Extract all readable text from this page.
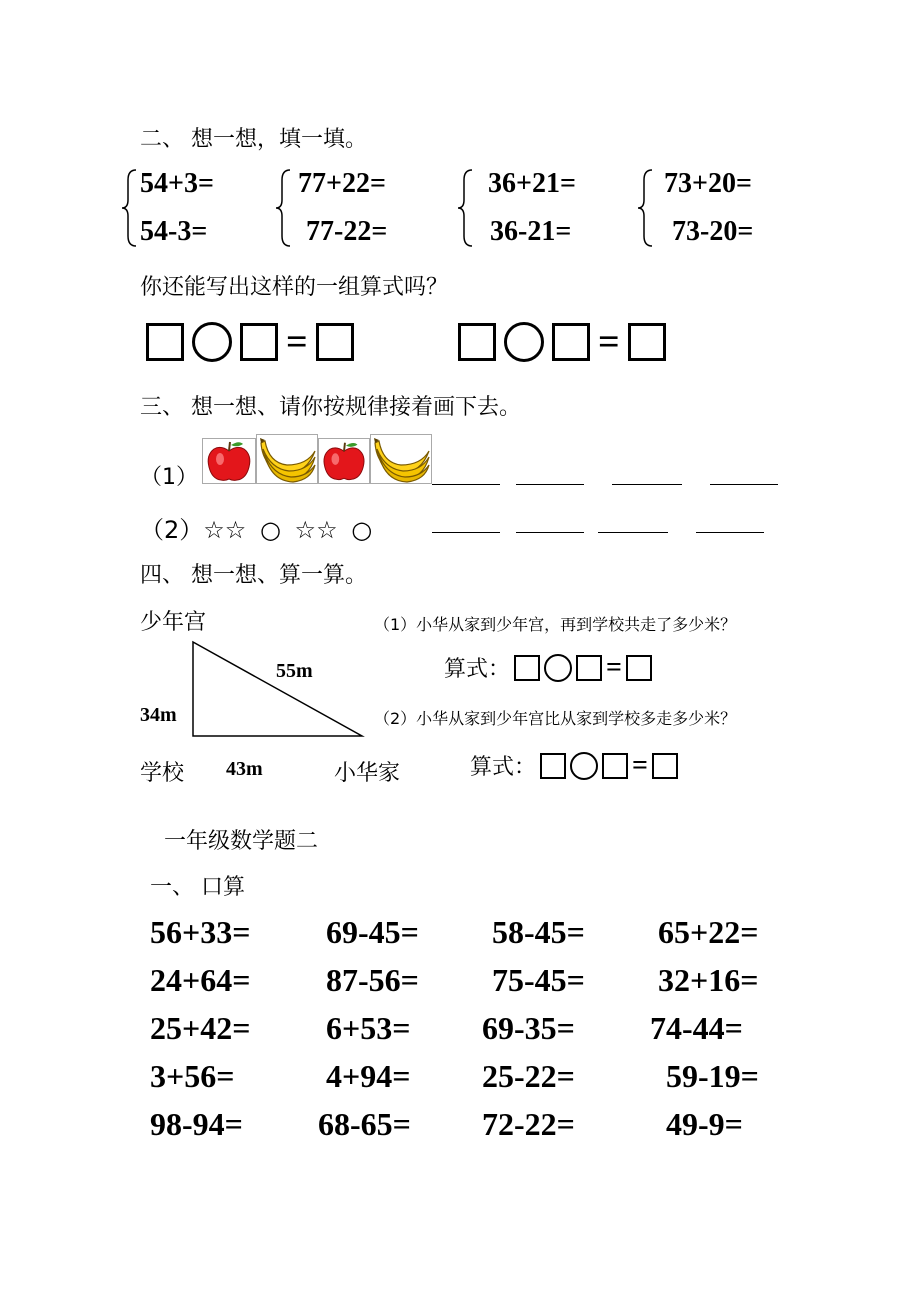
二、 想一想，填一填。
54+3=
54-3=
77+22=
77-22=
36+21=
36-21=
73+20=
73-20=
你还能写出这样的一组算式吗？
=	=
三、 想一想、请你按规律接着画下去。
（1）
（2）☆☆ ○ ☆☆ ○
四、 想一想、算一算。
少年宫	（1）小华从家到少年宫，再到学校共走了多少米？
55m
34m
算式：	=
（2）小华从家到少年宫比从家到学校多走多少米？
学校 43m	小华家	算式：	=
一年级数学题二
一、 口算
56+33= 69-45= 58-45= 65+22=
24+64= 87-56= 75-45= 32+16=
25+42= 6+53= 69-35= 74-44=
3+56=	4+94= 25-22=	59-19=
98-94= 68-65= 72-22=	49-9=
